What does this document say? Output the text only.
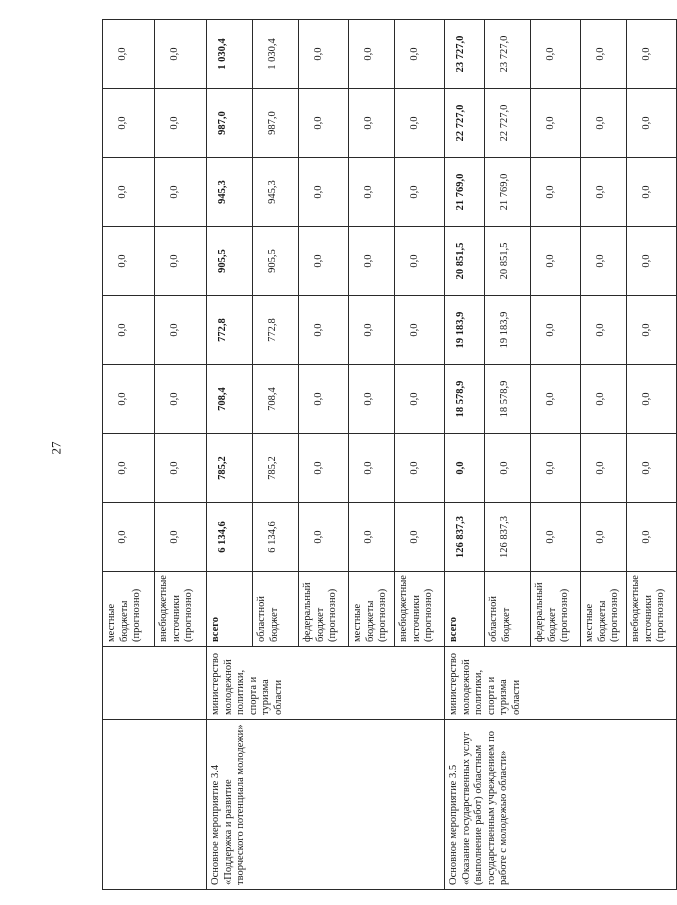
27
		местные бюджеты (прогнозно)	0,0	0,0	0,0	0,0	0,0	0,0	0,0	0,0
		внебюджетные источники (прогнозно)	0,0	0,0	0,0	0,0	0,0	0,0	0,0	0,0
Основное мероприятие 3.4 «Поддержка и развитие творческого потенциала молодежи»	министерство молодежной политики, спорта и туризма области	всего	6 134,6	785,2	708,4	772,8	905,5	945,3	987,0	1 030,4
		областной бюджет	6 134,6	785,2	708,4	772,8	905,5	945,3	987,0	1 030,4
		федеральный бюджет (прогнозно)	0,0	0,0	0,0	0,0	0,0	0,0	0,0	0,0
		местные бюджеты (прогнозно)	0,0	0,0	0,0	0,0	0,0	0,0	0,0	0,0
		внебюджетные источники (прогнозно)	0,0	0,0	0,0	0,0	0,0	0,0	0,0	0,0
Основное мероприятие 3.5 «Оказание государственных услуг (выполнение работ) областным государственным учреждением по работе с молодежью области»	министерство молодежной политики, спорта и туризма области	всего	126 837,3	0,0	18 578,9	19 183,9	20 851,5	21 769,0	22 727,0	23 727,0
		областной бюджет	126 837,3	0,0	18 578,9	19 183,9	20 851,5	21 769,0	22 727,0	23 727,0
		федеральный бюджет (прогнозно)	0,0	0,0	0,0	0,0	0,0	0,0	0,0	0,0
		местные бюджеты (прогнозно)	0,0	0,0	0,0	0,0	0,0	0,0	0,0	0,0
		внебюджетные источники (прогнозно)	0,0	0,0	0,0	0,0	0,0	0,0	0,0	0,0
